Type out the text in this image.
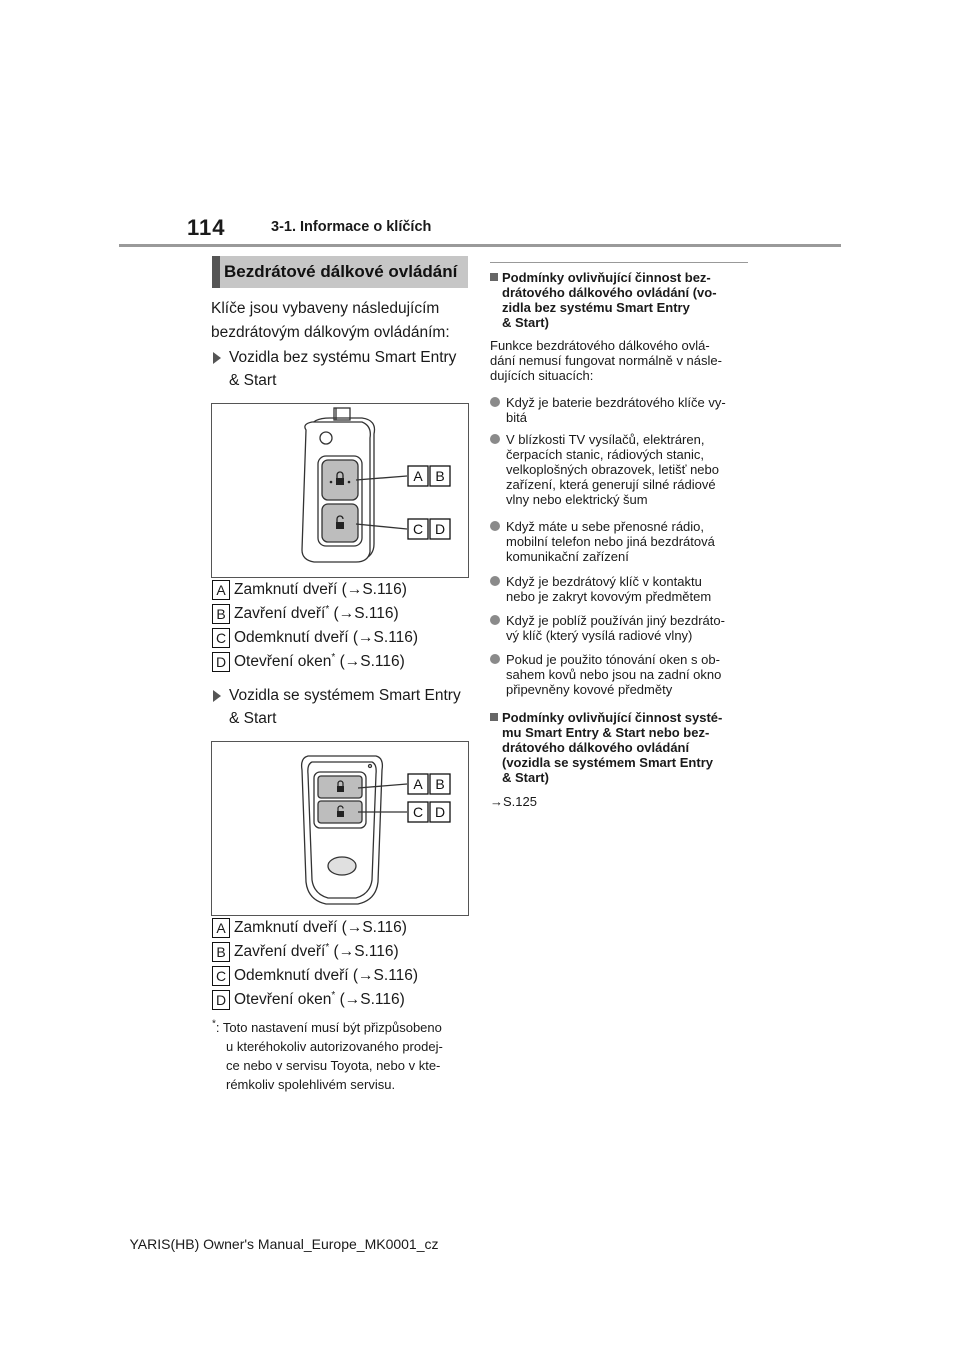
114	3-1. Informace o klíčích
Bezdrátové dálkové ovládání
Klíče jsou vybaveny následujícím
bezdrátovým dálkovým ovládáním:
Vozidla bez systému Smart Entry
& Start
A B
C D
A Zamknutí dveří (→S.116)
B Zavření dveří* (→S.116)
C Odemknutí dveří (→S.116)
D Otevření oken* (→S.116)
Vozidla se systémem Smart Entry
& Start
A B
C D
A Zamknutí dveří (→S.116)
B Zavření dveří* (→S.116)
C Odemknutí dveří (→S.116)
D Otevření oken* (→S.116)
*: Toto nastavení musí být přizpůsobeno
u kteréhokoliv autorizovaného prodej-
ce nebo v servisu Toyota, nebo v kte-
rémkoliv spolehlivém servisu.
Podmínky ovlivňující činnost bez-
drátového dálkového ovládání (vo-
zidla bez systému Smart Entry
& Start)
Funkce bezdrátového dálkového ovlá-
dání nemusí fungovat normálně v násle-
dujících situacích:
Když je baterie bezdrátového klíče vy-
bitá
V blízkosti TV vysílačů, elektráren,
čerpacích stanic, rádiových stanic,
velkoplošných obrazovek, letišť nebo
zařízení, která generují silné rádiové
vlny nebo elektrický šum
Když máte u sebe přenosné rádio,
mobilní telefon nebo jiná bezdrátová
komunikační zařízení
Když je bezdrátový klíč v kontaktu
nebo je zakryt kovovým předmětem
Když je poblíž používán jiný bezdráto-
vý klíč (který vysílá radiové vlny)
Pokud je použito tónování oken s ob-
sahem kovů nebo jsou na zadní okno
připevněny kovové předměty
Podmínky ovlivňující činnost systé-
mu Smart Entry & Start nebo bez-
drátového dálkového ovládání
(vozidla se systémem Smart Entry
& Start)
→S.125
YARIS(HB) Owner's Manual_Europe_MK0001_cz
